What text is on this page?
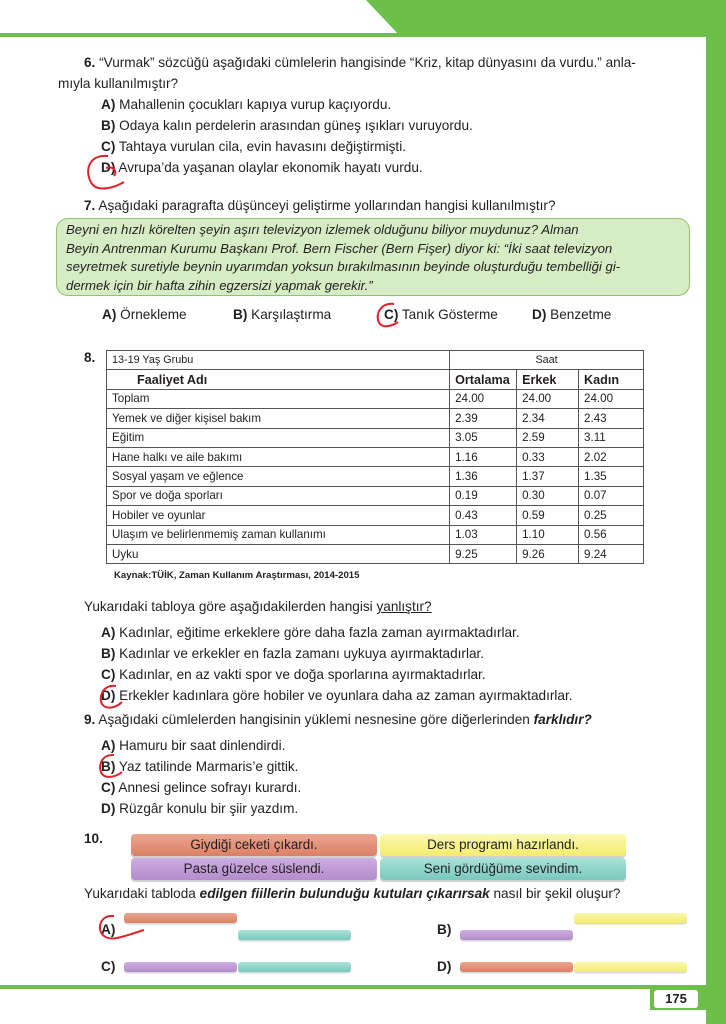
6. “Vurmak” sözcüğü aşağıdaki cümlelerin hangisinde “Kriz, kitap dünyasını da vurdu.” anla-
mıyla kullanılmıştır?
A) Mahallenin çocukları kapıya vurup kaçıyordu.
B) Odaya kalın perdelerin arasından güneş ışıkları vuruyordu.
C) Tahtaya vurulan cila, evin havasını değiştirmişti.
D) Avrupa’da yaşanan olaylar ekonomik hayatı vurdu.
7. Aşağıdaki paragrafta düşünceyi geliştirme yollarından hangisi kullanılmıştır?
Beyni en hızlı körelten şeyin aşırı televizyon izlemek olduğunu biliyor muydunuz? Alman
Beyin Antrenman Kurumu Başkanı Prof. Bern Fischer (Bern Fişer) diyor ki: “İki saat televizyon
seyretmek suretiyle beynin uyarımdan yoksun bırakılmasının beyinde oluşturduğu tembelliği gi-
dermek için bir hafta zihin egzersizi yapmak gerekir.”
A) Örnekleme	B) Karşılaştırma	C) Tanık Gösterme	D) Benzetme
8. 13-19 Yaş Grubu	Saat		
Faaliyet Adı	Ortalama	Erkek	Kadın
Toplam	24.00	24.00	24.00
Yemek ve diğer kişisel bakım	2.39	2.34	2.43
Eğitim	3.05	2.59	3.11
Hane halkı ve aile bakımı	1.16	0.33	2.02
Sosyal yaşam ve eğlence	1.36	1.37	1.35
Spor ve doğa sporları	0.19	0.30	0.07
Hobiler ve oyunlar	0.43	0.59	0.25
Ulaşım ve belirlenmemiş zaman kullanımı	1.03	1.10	0.56
Uyku	9.25	9.26	9.24
Kaynak:TÜİK, Zaman Kullanım Araştırması, 2014-2015
Yukarıdaki tabloya göre aşağıdakilerden hangisi yanlıştır?
A) Kadınlar, eğitime erkeklere göre daha fazla zaman ayırmaktadırlar.
B) Kadınlar ve erkekler en fazla zamanı uykuya ayırmaktadırlar.
C) Kadınlar, en az vakti spor ve doğa sporlarına ayırmaktadırlar.
D) Erkekler kadınlara göre hobiler ve oyunlara daha az zaman ayırmaktadırlar.
9. Aşağıdaki cümlelerden hangisinin yüklemi nesnesine göre diğerlerinden farklıdır?
A) Hamuru bir saat dinlendirdi.
B) Yaz tatilinde Marmaris’e gittik.
C) Annesi gelince sofrayı kurardı.
D) Rüzgâr konulu bir şiir yazdım.
10.	Giydiği ceketi çıkardı.	Ders programı hazırlandı.
Pasta güzelce süslendi.	Seni gördüğüme sevindim.
Yukarıdaki tabloda edilgen fiillerin bulunduğu kutuları çıkarırsak nasıl bir şekil oluşur?
A)	B)
C)	D)
175
